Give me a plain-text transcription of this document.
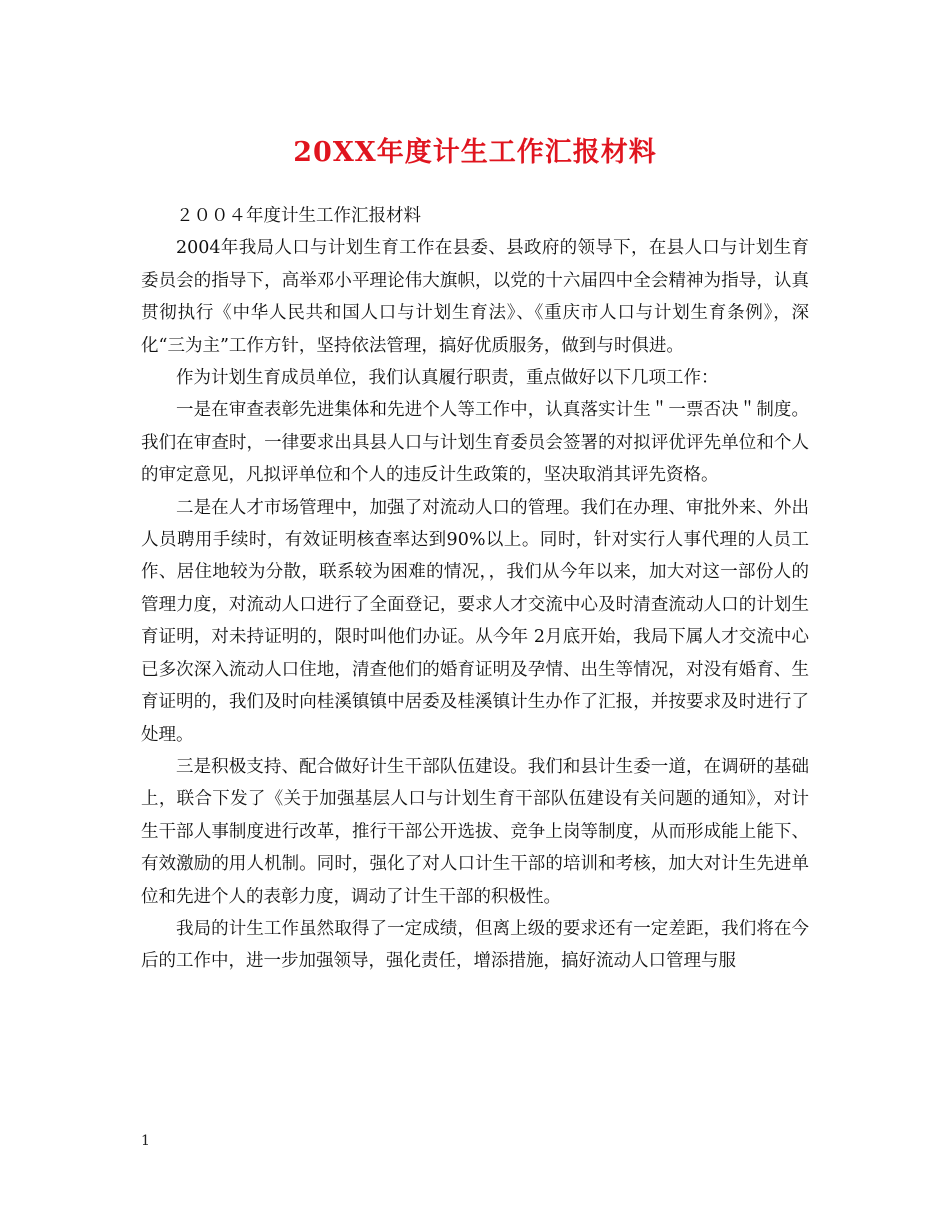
20XX年度计生工作汇报材料

２００４年度计生工作汇报材料

2004年我局人口与计划生育工作在县委、县政府的领导下，在县人口与计划生育委员会的指导下，高举邓小平理论伟大旗帜，以党的十六届四中全会精神为指导，认真贯彻执行《中华人民共和国人口与计划生育法》、《重庆市人口与计划生育条例》，深化“三为主”工作方针，坚持依法管理，搞好优质服务，做到与时俱进。

作为计划生育成员单位，我们认真履行职责，重点做好以下几项工作：

一是在审查表彰先进集体和先进个人等工作中，认真落实计生＂一票否决＂制度。我们在审查时，一律要求出具县人口与计划生育委员会签署的对拟评优评先单位和个人的审定意见，凡拟评单位和个人的违反计生政策的，坚决取消其评先资格。

二是在人才市场管理中，加强了对流动人口的管理。我们在办理、审批外来、外出人员聘用手续时，有效证明核查率达到90%以上。同时，针对实行人事代理的人员工作、居住地较为分散，联系较为困难的情况，，我们从今年以来，加大对这一部份人的管理力度，对流动人口进行了全面登记，要求人才交流中心及时清查流动人口的计划生育证明，对未持证明的，限时叫他们办证。从今年 2月底开始，我局下属人才交流中心已多次深入流动人口住地，清查他们的婚育证明及孕情、出生等情况，对没有婚育、生育证明的，我们及时向桂溪镇镇中居委及桂溪镇计生办作了汇报，并按要求及时进行了处理。

三是积极支持、配合做好计生干部队伍建设。我们和县计生委一道，在调研的基础上，联合下发了《关于加强基层人口与计划生育干部队伍建设有关问题的通知》，对计生干部人事制度进行改革，推行干部公开选拔、竞争上岗等制度，从而形成能上能下、有效激励的用人机制。同时，强化了对人口计生干部的培训和考核，加大对计生先进单位和先进个人的表彰力度，调动了计生干部的积极性。

我局的计生工作虽然取得了一定成绩，但离上级的要求还有一定差距，我们将在今后的工作中，进一步加强领导，强化责任，增添措施，搞好流动人口管理与服

1
